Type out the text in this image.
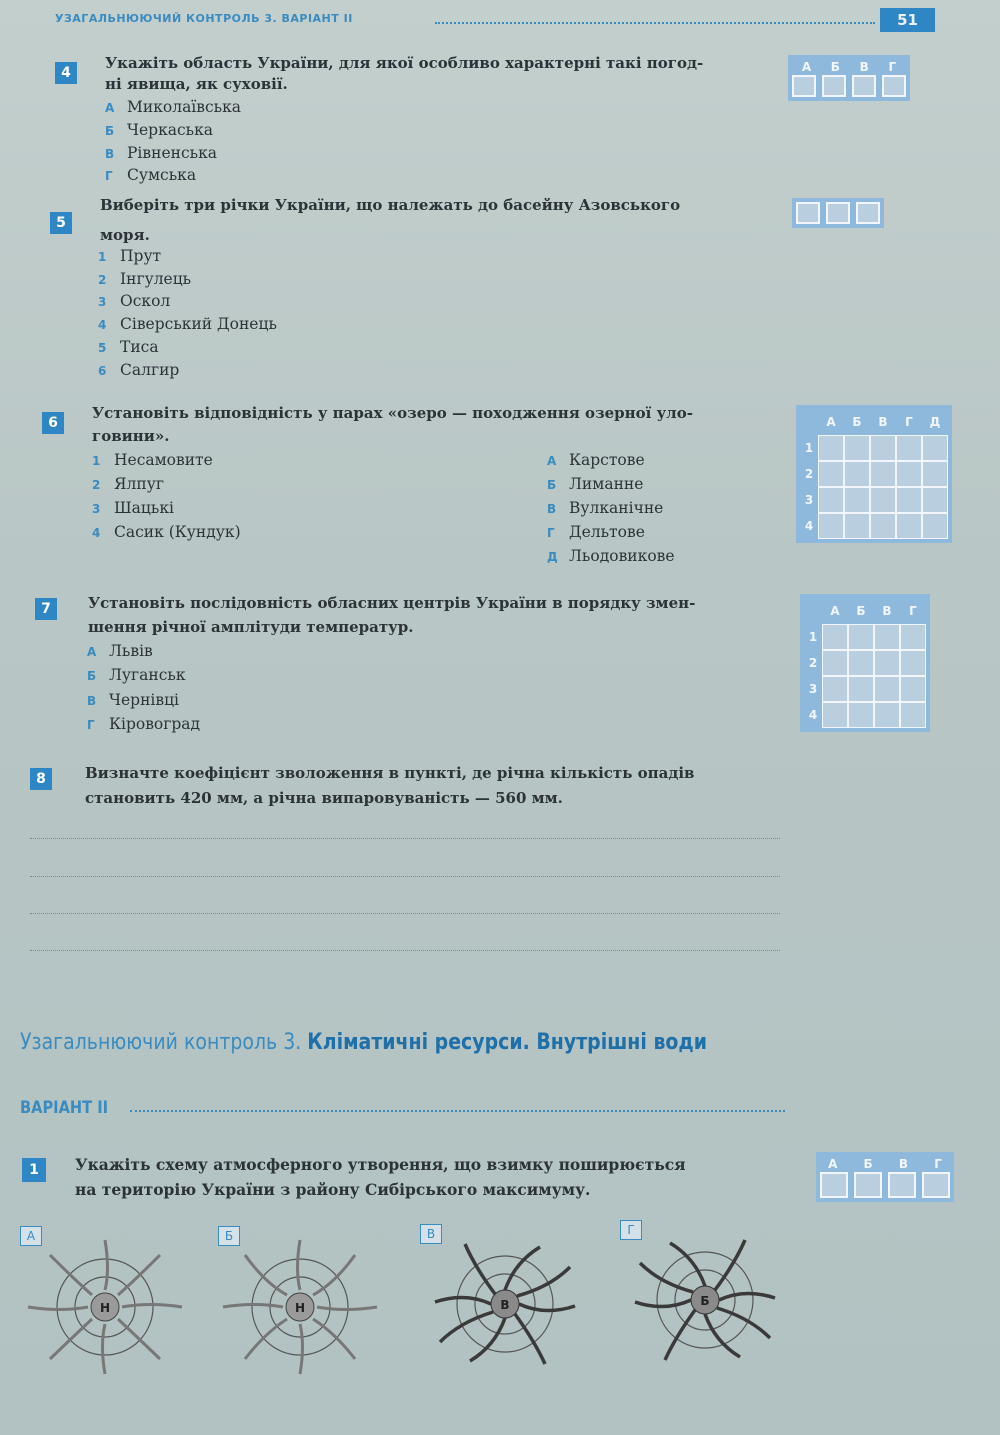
УЗАГАЛЬНЮЮЧИЙ КОНТРОЛЬ 3. ВАРІАНТ II	51
4
Укажіть область України, для якої особливо характерні такі погод-
ні явища, як суховії.
А Миколаївська
Б Черкаська
В Рівненська
Г Сумська
А Б В Г
5
Виберіть три річки України, що належать до басейну Азовського
моря.
1 Прут
2 Інгулець
3 Оскол
4 Сіверський Донець
5 Тиса
6 Салгир
6
Установіть відповідність у парах «озеро — походження озерної уло-
говини».
1 Несамовите
2 Ялпуг
3 Шацькі
4 Сасик (Кундук)
А Карстове
Б Лиманне
В Вулканічне
Г Дельтове
Д Льодовикове
А	Б	В	Г	Д
1
2
3
4
7	Установіть послідовність обласних центрів України в порядку змен-
шення річної амплітуди температур.
А Львів
Б Луганськ
В Чернівці
Г Кіровоград
А	Б	В	Г
1
2
3
4
8	Визначте коефіцієнт зволоження в пункті, де річна кількість опадів
становить 420 мм, а річна випаровуваність — 560 мм.
Узагальнюючий контроль 3. Кліматичні ресурси. Внутрішні води
ВАРІАНТ II
1	Укажіть схему атмосферного утворення, що взимку поширюється
на територію України з району Сибірського максимуму.
А Б В Г
А	Б	В	Г
Н	Н	В	Б
